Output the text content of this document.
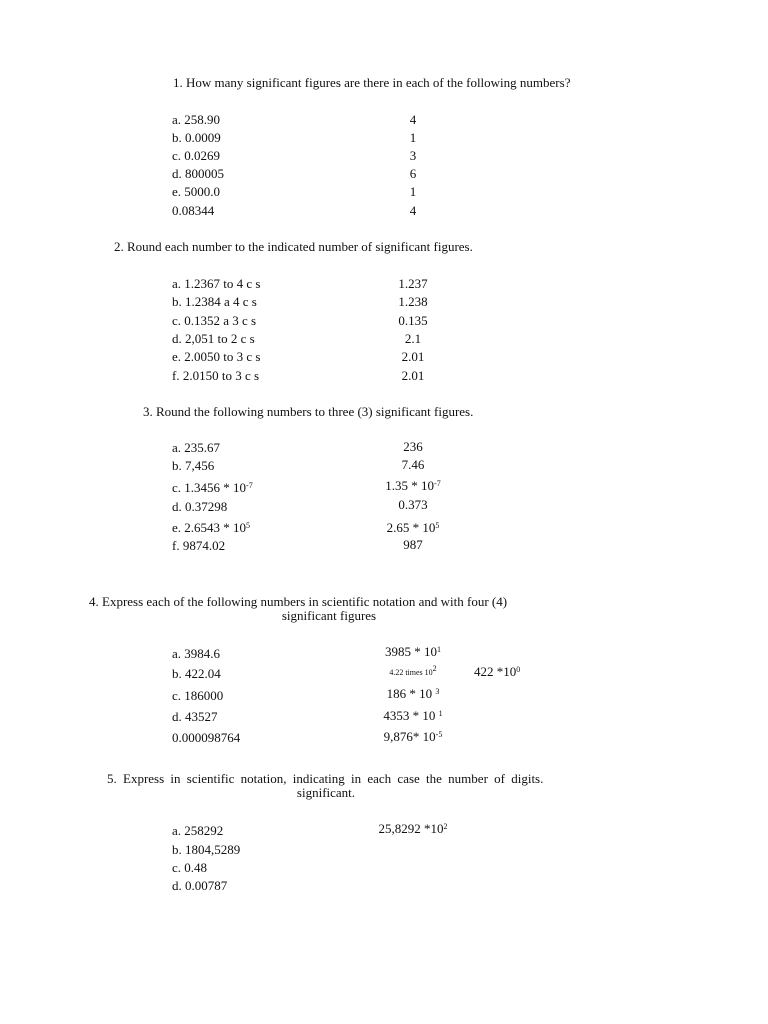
1. How many significant figures are there in each of the following numbers?
a. 258.90	4
b. 0.0009	1
c. 0.0269	3
d. 800005	6
e. 5000.0	1
0.08344	4
2. Round each number to the indicated number of significant figures.
a. 1.2367 to 4 c s	1.237
b. 1.2384 a 4 c s	1.238
c. 0.1352 a 3 c s	0.135
d. 2,051 to 2 c s	2.1
e. 2.0050 to 3 c s	2.01
f. 2.0150 to 3 c s	2.01
3. Round the following numbers to three (3) significant figures.
a. 235.67	236
b. 7,456	7.46
c. $1.3456 * 10^{-7}$	$1.35 * 10^{-7}$
d. 0.37298	0.373
e. $2.6543 * 10^5$	$2.65 * 10^5$
f. 9874.02	987
4. Express each of the following numbers in scientific notation and with four (4)
significant figures
a. 3984.6	$3985 * 10^1$
b. 422.04	4.22 times $10^2$	422 $*10^0$
c. 186000	186 * 10 $^3$
d. 43527	4353 * 10 $^1$
0.000098764	9,876* $10^{-5}$
5. Express in scientific notation, indicating in each case the number of digits.
significant.
a. 258292	25,8292 $*10^2$
b. 1804,5289
c. 0.48
d. 0.00787
